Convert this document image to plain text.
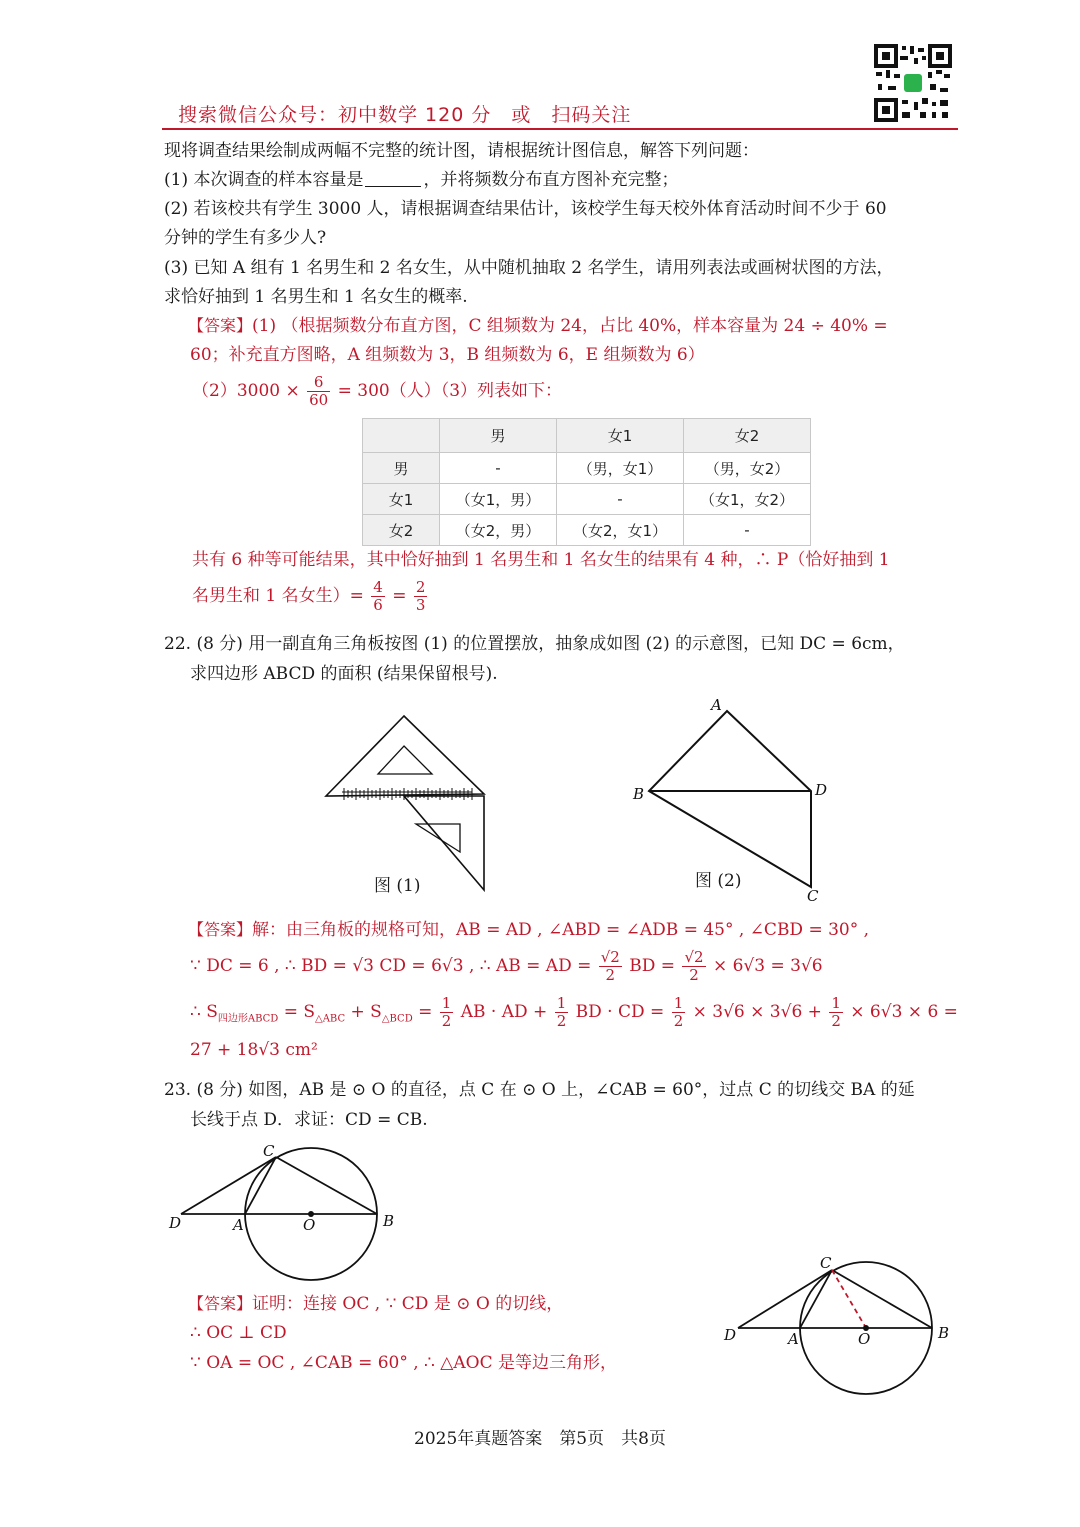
搜索微信公众号：初中数学 120 分　或　扫码关注
现将调查结果绘制成两幅不完整的统计图，请根据统计图信息，解答下列问题：
(1) 本次调查的样本容量是	，并将频数分布直方图补充完整；
(2) 若该校共有学生 3000 人，请根据调查结果估计，该校学生每天校外体育活动时间不少于 60
分钟的学生有多少人?
(3) 已知 A 组有 1 名男生和 2 名女生，从中随机抽取 2 名学生，请用列表法或画树状图的方法，
求恰好抽到 1 名男生和 1 名女生的概率.
【答案】(1) （根据频数分布直方图，C 组频数为 24，占比 40%，样本容量为 24 ÷ 40% =
60；补充直方图略，A 组频数为 3，B 组频数为 6，E 组频数为 6）
$(2)3000 \times \frac{6}{60} = 300$（人）（3）列表如下：
	男	女1	女2
男	-	（男，女1）	（男，女2）
女1	（女1，男）	-	（女1，女2）
女2	（女2，男）	（女2，女1）	-
共有 6 种等可能结果，其中恰好抽到 1 名男生和 1 名女生的结果有 4 种，∴ P（恰好抽到 1
名男生和 1 名女生）= $\frac{4}{6} = \frac{2}{3}$
22. (8 分) 用一副直角三角板按图 (1) 的位置摆放，抽象成如图 (2) 的示意图，已知 DC = 6cm，
求四边形 ABCD 的面积 (结果保留根号).
图 (1)
A
B	D
C
图 (2)
【答案】解：由三角板的规格可知，AB = AD , ∠ABD = ∠ADB = 45° , ∠CBD = 30° ,
∵ DC = 6 , ∴ BD = √3 CD = 6√3 , ∴ AB = AD = $\frac{√2}{2}$ BD = $\frac{√2}{2} \times 6√3 = 3√6$
∴ $S_{四边形ABCD} = S_{\triangle ABC} + S_{\triangle BCD} = \frac{1}{2}$ AB · AD + $\frac{1}{2}$ BD · CD = $\frac{1}{2} \times 3√6 \times 3√6 + \frac{1}{2} \times 6√3 \times 6$ =
27 + 18√3 cm²
23. (8 分) 如图，AB 是 ⊙ O 的直径，点 C 在 ⊙ O 上，∠CAB = 60°，过点 C 的切线交 BA 的延
长线于点 D．求证：CD = CB.
C
D	A	O	B
C
D	A	O	B
【答案】证明：连接 OC , ∵ CD 是 ⊙ O 的切线，
∴ OC ⊥ CD
∵ OA = OC , ∠CAB = 60° , ∴ △AOC 是等边三角形，
2025年真题答案　第5页　共8页
